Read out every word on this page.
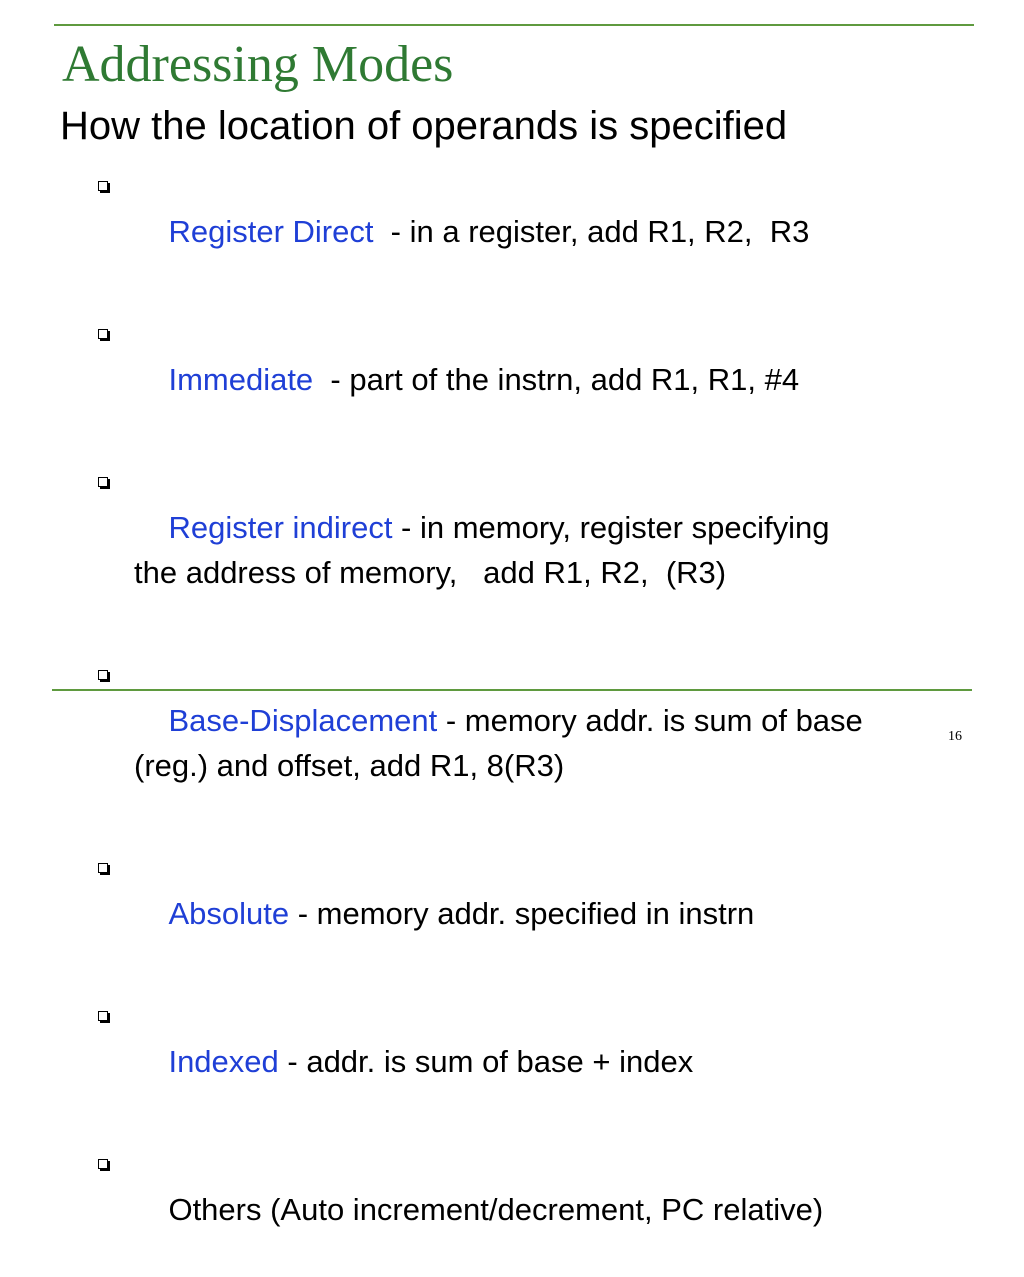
Addressing Modes
How the location of operands is specified

Register Direct  - in a register, add R1, R2,  R3

Immediate  - part of the instrn, add R1, R1, #4

Register indirect - in memory, register specifying
the address of memory,   add R1, R2,  (R3)

Base-Displacement - memory addr. is sum of base
(reg.) and offset, add R1, 8(R3)

Absolute - memory addr. specified in instrn

Indexed - addr. is sum of base + index

Others (Auto increment/decrement, PC relative)

16
